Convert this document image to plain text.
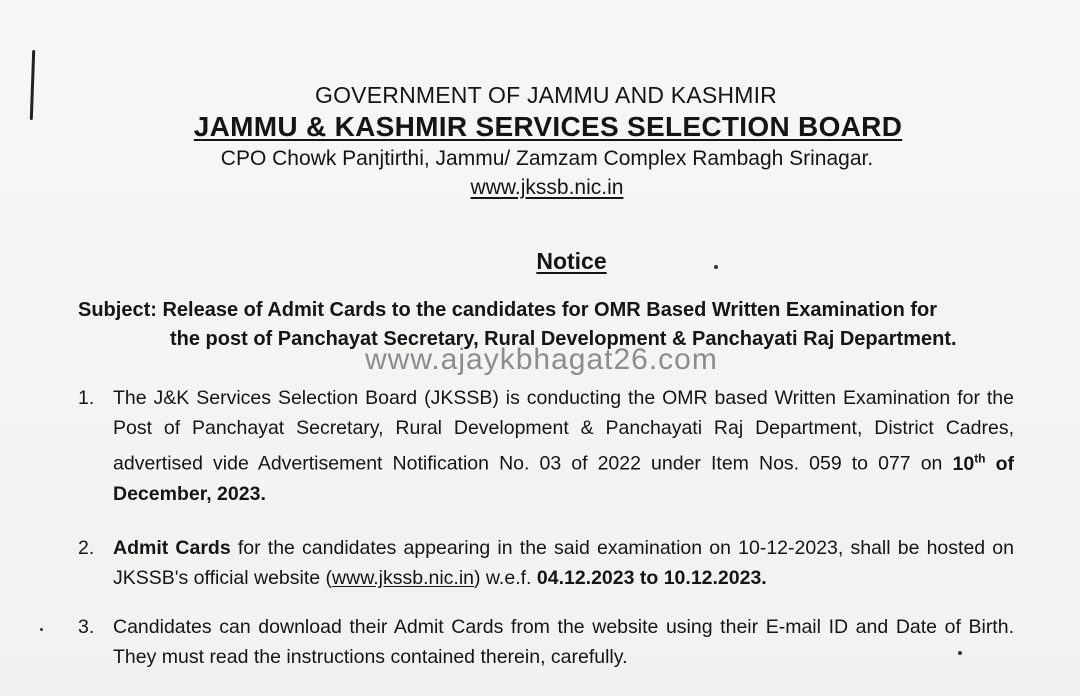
GOVERNMENT OF JAMMU AND KASHMIR
JAMMU & KASHMIR SERVICES SELECTION BOARD
CPO Chowk Panjtirthi, Jammu/ Zamzam Complex Rambagh Srinagar.
www.jkssb.nic.in
Notice
Subject: Release of Admit Cards to the candidates for OMR Based Written Examination for
the post of Panchayat Secretary, Rural Development & Panchayati Raj Department.
www.ajaykbhagat26.com
1. The J&K Services Selection Board (JKSSB) is conducting the OMR based Written Examination for the Post of Panchayat Secretary, Rural Development & Panchayati Raj Department, District Cadres, advertised vide Advertisement Notification No. 03 of 2022 under Item Nos. 059 to 077 on 10th of December, 2023.
2. Admit Cards for the candidates appearing in the said examination on 10-12-2023, shall be hosted on JKSSB's official website (www.jkssb.nic.in) w.e.f. 04.12.2023 to 10.12.2023.
3. Candidates can download their Admit Cards from the website using their E-mail ID and Date of Birth. They must read the instructions contained therein, carefully.
